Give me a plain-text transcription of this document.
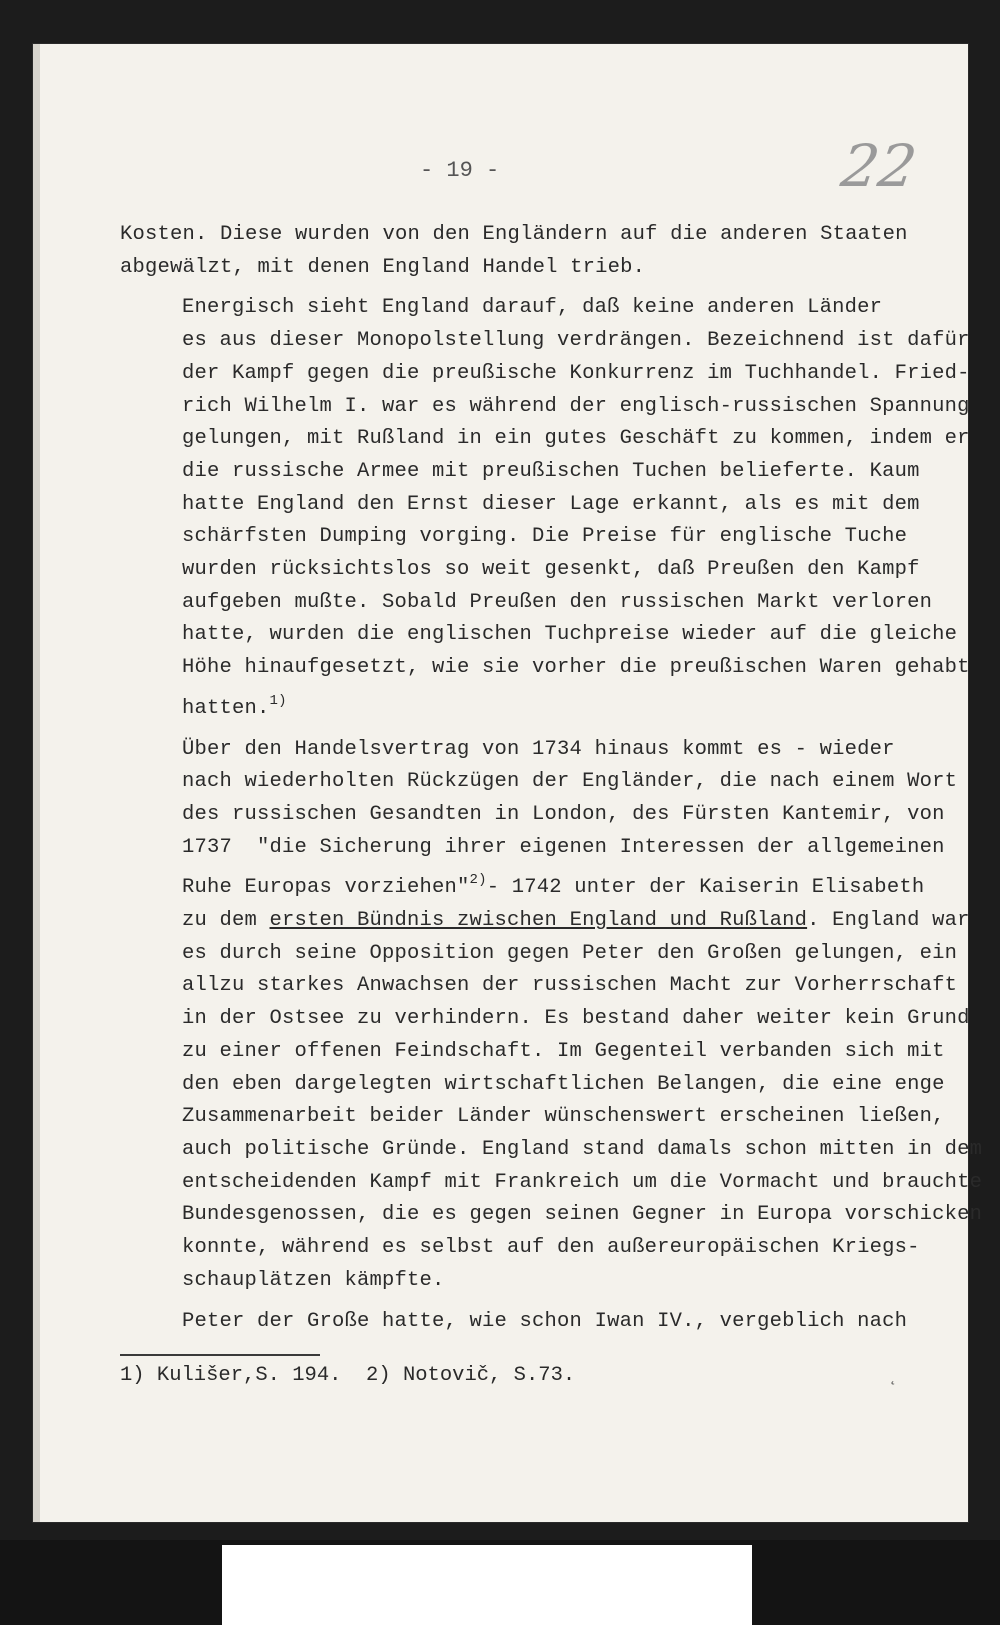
- 19 -	22

Kosten. Diese wurden von den Engländern auf die anderen Staaten
abgewälzt, mit denen England Handel trieb.

Energisch sieht England darauf, daß keine anderen Länder
es aus dieser Monopolstellung verdrängen. Bezeichnend ist dafür
der Kampf gegen die preußische Konkurrenz im Tuchhandel. Fried-
rich Wilhelm I. war es während der englisch-russischen Spannung
gelungen, mit Rußland in ein gutes Geschäft zu kommen, indem er
die russische Armee mit preußischen Tuchen belieferte. Kaum
hatte England den Ernst dieser Lage erkannt, als es mit dem
schärfsten Dumping vorging. Die Preise für englische Tuche
wurden rücksichtslos so weit gesenkt, daß Preußen den Kampf
aufgeben mußte. Sobald Preußen den russischen Markt verloren
hatte, wurden die englischen Tuchpreise wieder auf die gleiche
Höhe hinaufgesetzt, wie sie vorher die preußischen Waren gehabt
hatten.$^{1)}$

Über den Handelsvertrag von 1734 hinaus kommt es - wieder
nach wiederholten Rückzügen der Engländer, die nach einem Wort
des russischen Gesandten in London, des Fürsten Kantemir, von
1737  "die Sicherung ihrer eigenen Interessen der allgemeinen
Ruhe Europas vorziehen"$^{2)}$- 1742 unter der Kaiserin Elisabeth
zu dem ersten Bündnis zwischen England und Rußland. England war
es durch seine Opposition gegen Peter den Großen gelungen, ein
allzu starkes Anwachsen der russischen Macht zur Vorherrschaft
in der Ostsee zu verhindern. Es bestand daher weiter kein Grund
zu einer offenen Feindschaft. Im Gegenteil verbanden sich mit
den eben dargelegten wirtschaftlichen Belangen, die eine enge
Zusammenarbeit beider Länder wünschenswert erscheinen ließen,
auch politische Gründe. England stand damals schon mitten in dem
entscheidenden Kampf mit Frankreich um die Vormacht und brauchte
Bundesgenossen, die es gegen seinen Gegner in Europa vorschicken
konnte, während es selbst auf den außereuropäischen Kriegs-
schauplätzen kämpfte.

Peter der Große hatte, wie schon Iwan IV., vergeblich nach

1) Kulišer,S. 194.  2) Notovič, S.73.	˛
